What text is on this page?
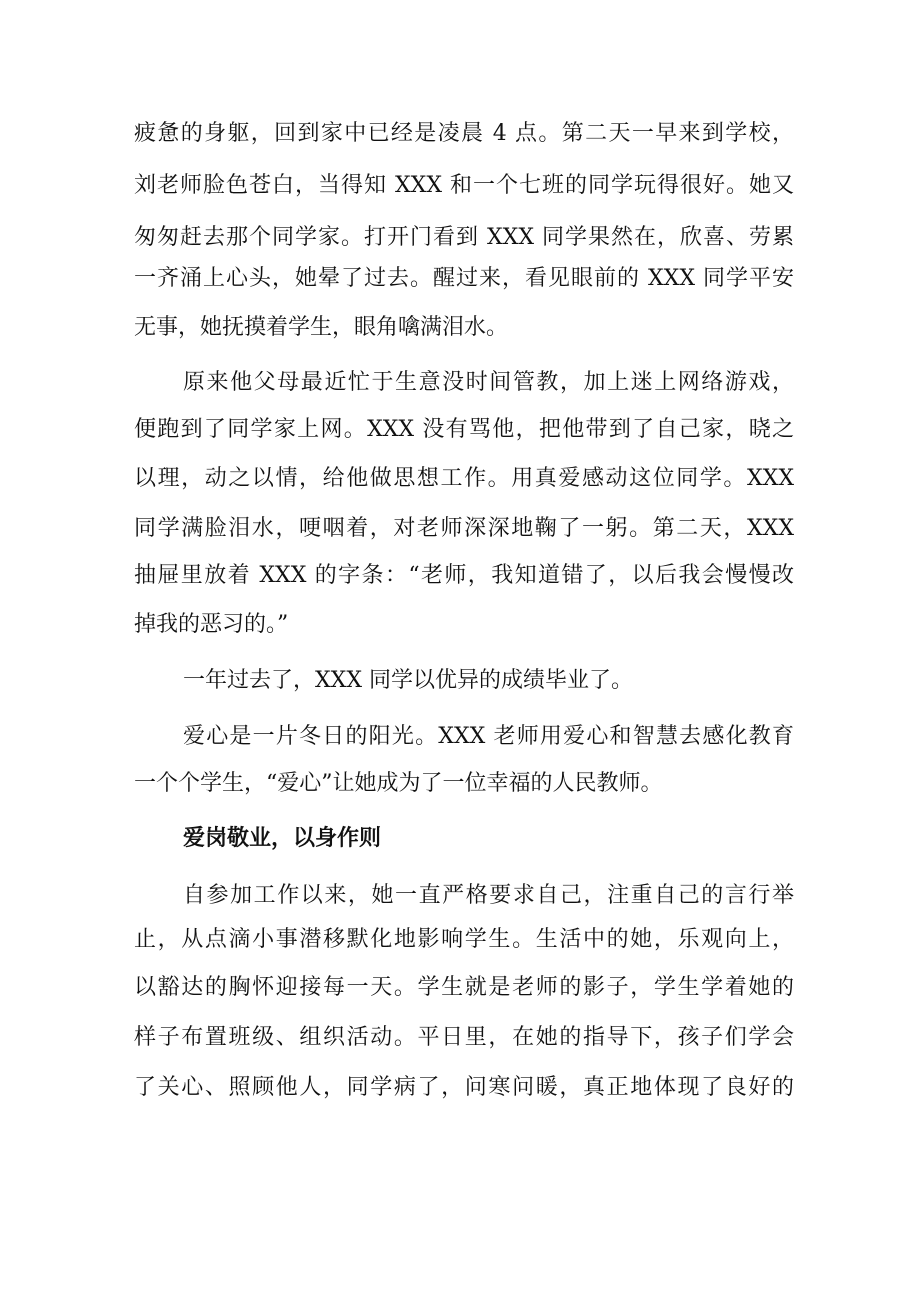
疲惫的身躯，回到家中已经是凌晨 4 点。第二天一早来到学校，
刘老师脸色苍白，当得知 XXX 和一个七班的同学玩得很好。她又
匆匆赶去那个同学家。打开门看到 XXX 同学果然在，欣喜、劳累
一齐涌上心头，她晕了过去。醒过来，看见眼前的 XXX 同学平安
无事，她抚摸着学生，眼角噙满泪水。
原来他父母最近忙于生意没时间管教，加上迷上网络游戏，
便跑到了同学家上网。XXX 没有骂他，把他带到了自己家，晓之
以理，动之以情，给他做思想工作。用真爱感动这位同学。XXX
同学满脸泪水，哽咽着，对老师深深地鞠了一躬。第二天，XXX
抽屉里放着 XXX 的字条：“老师，我知道错了，以后我会慢慢改
掉我的恶习的。”
一年过去了，XXX 同学以优异的成绩毕业了。
爱心是一片冬日的阳光。XXX 老师用爱心和智慧去感化教育
一个个学生，“爱心”让她成为了一位幸福的人民教师。
爱岗敬业，以身作则
自参加工作以来，她一直严格要求自己，注重自己的言行举
止，从点滴小事潜移默化地影响学生。生活中的她，乐观向上，
以豁达的胸怀迎接每一天。学生就是老师的影子，学生学着她的
样子布置班级、组织活动。平日里，在她的指导下，孩子们学会
了关心、照顾他人，同学病了，问寒问暖，真正地体现了良好的
